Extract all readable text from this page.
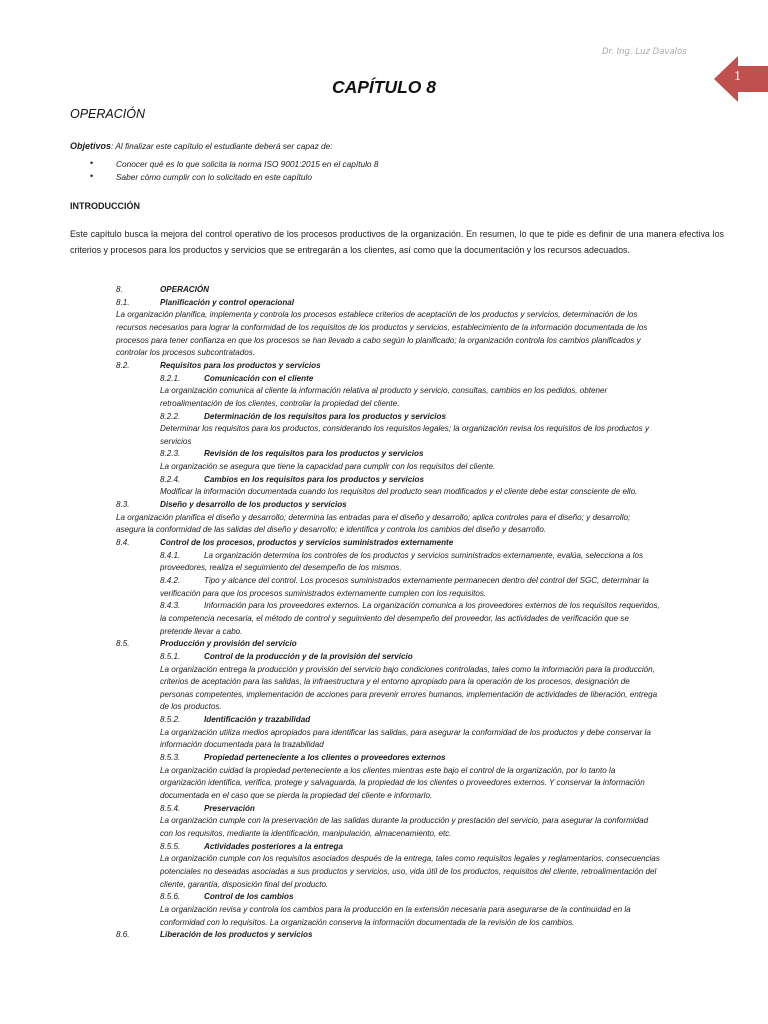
Dr. Ing. Luz Davalos
1
CAPÍTULO 8
OPERACIÓN
Objetivos: Al finalizar este capítulo el estudiante deberá ser capaz de:
• Conocer qué es lo que solicita la norma ISO 9001:2015 en el capítulo 8
• Saber cómo cumplir con lo solicitado en este capítulo
INTRODUCCIÓN
Este capítulo busca la mejora del control operativo de los procesos productivos de la organización. En resumen, lo que te pide es definir de una manera efectiva los criterios y procesos para los productos y servicios que se entregarán a los clientes, así como que la documentación y los recursos adecuados.
8.	OPERACIÓN
8.1.	Planificación y control operacional
La organización planifica, implementa y controla los procesos establece criterios de aceptación de los productos y servicios, determinación de los
recursos necesarios para lograr la conformidad de los requisitos de los productos y servicios, establecimiento de la información documentada de los
procesos para tener confianza en que los procesos se han llevado a cabo según lo planificado; la organización controla los cambios planificados y
controlar los procesos subcontratados.
8.2.	Requisitos para los productos y servicios
8.2.1.	Comunicación con el cliente
La organización comunica al cliente la información relativa al producto y servicio, consultas, cambios en los pedidos, obtener
retroalimentación de los clientes, controlar la propiedad del cliente.
8.2.2.	Determinación de los requisitos para los productos y servicios
Determinar los requisitos para los productos, considerando los requisitos legales; la organización revisa los requisitos de los productos y
servicios
8.2.3.	Revisión de los requisitos para los productos y servicios
La organización se asegura que tiene la capacidad para cumplir con los requisitos del cliente.
8.2.4.	Cambios en los requisitos para los productos y servicios
Modificar la información documentada cuando los requisitos del producto sean modificados y el cliente debe estar consciente de ello.
8.3.	Diseño y desarrollo de los productos y servicios
La organización planifica el diseño y desarrollo; determina las entradas para el diseño y desarrollo; aplica controles para el diseño; y desarrollo;
asegura la conformidad de las salidas del diseño y desarrollo; e identifica y controla los cambios del diseño y desarrollo.
8.4.	Control de los procesos, productos y servicios suministrados externamente
8.4.1.	La organización determina los controles de los productos y servicios suministrados externamente, evalúa, selecciona a los
proveedores, realiza el seguimiento del desempeño de los mismos.
8.4.2.	Tipo y alcance del control. Los procesos suministrados externamente permanecen dentro del control del SGC, determinar la
verificación para que los procesos suministrados externamente cumplen con los requisitos.
8.4.3.	Información para los proveedores externos. La organización comunica a los proveedores externos de los requisitos requeridos,
la competencia necesaria, el método de control y seguimiento del desempeño del proveedor, las actividades de verificación que se
pretende llevar a cabo.
8.5.	Producción y provisión del servicio
8.5.1.	Control de la producción y de la provisión del servicio
La organización entrega la producción y provisión del servicio bajo condiciones controladas, tales como la información para la producción,
criterios de aceptación para las salidas, la infraestructura y el entorno apropiado para la operación de los procesos, designación de
personas competentes, implementación de acciones para prevenir errores humanos, implementación de actividades de liberación, entrega
de los productos.
8.5.2.	Identificación y trazabilidad
La organización utiliza medios apropiados para identificar las salidas, para asegurar la conformidad de los productos y debe conservar la
información documentada para la trazabilidad
8.5.3.	Propiedad perteneciente a los clientes o proveedores externos
La organización cuidad la propiedad perteneciente a los clientes mientras este bajo el control de la organización, por lo tanto la
organización identifica, verifica, protege y salvaguarda, la propiedad de los clientes o proveedores externos. Y conservar la información
documentada en el caso que se pierda la propiedad del cliente e informarlo.
8.5.4.	Preservación
La organización cumple con la preservación de las salidas durante la producción y prestación del servicio, para asegurar la conformidad
con los requisitos, mediante la identificación, manipulación, almacenamiento, etc.
8.5.5.	Actividades posteriores a la entrega
La organización cumple con los requisitos asociados después de la entrega, tales como requisitos legales y reglamentarios, consecuencias
potenciales no deseadas asociadas a sus productos y servicios, uso, vida útil de los productos, requisitos del cliente, retroalimentación del
cliente, garantía, disposición final del producto.
8.5.6.	Control de los cambios
La organización revisa y controla los cambios para la producción en la extensión necesaria para asegurarse de la continuidad en la
conformidad con lo requisitos. La organización conserva la información documentada de la revisión de los cambios.
8.6.	Liberación de los productos y servicios
